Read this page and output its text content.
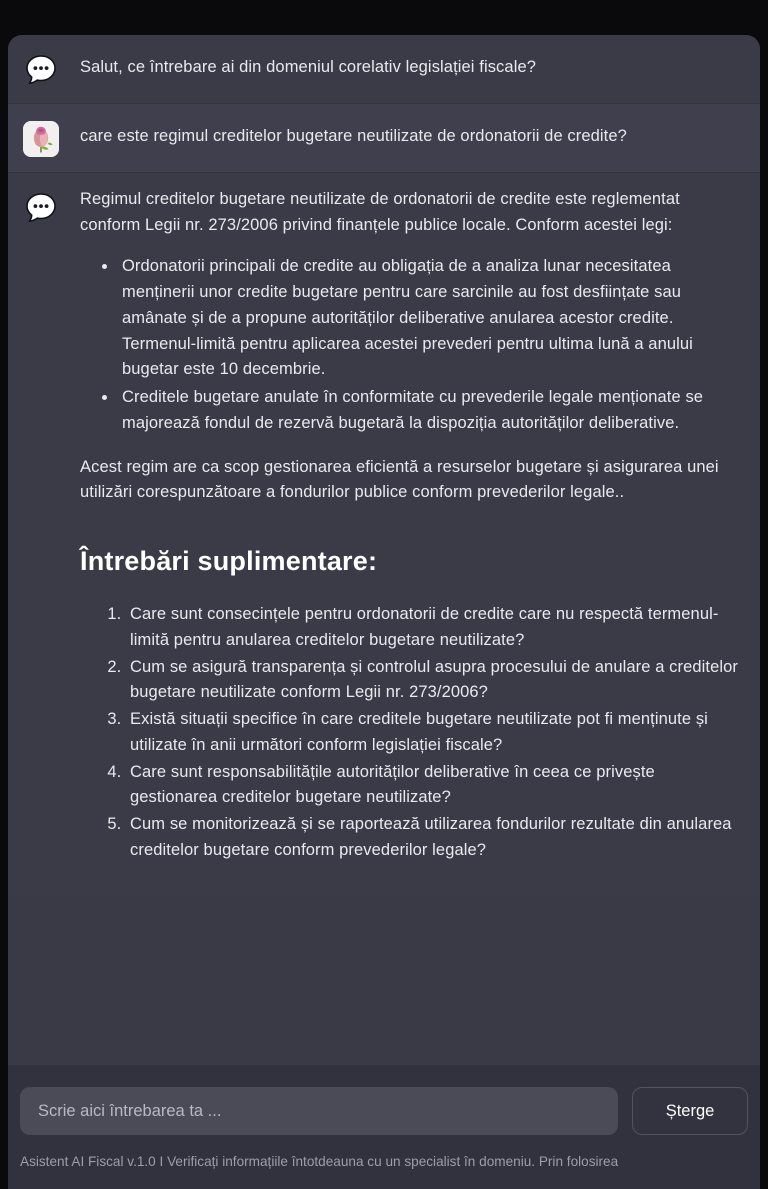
Salut, ce întrebare ai din domeniul corelativ legislației fiscale?

care este regimul creditelor bugetare neutilizate de ordonatorii de credite?

Regimul creditelor bugetare neutilizate de ordonatorii de credite este reglementat conform Legii nr. 273/2006 privind finanțele publice locale. Conform acestei legi:

• Ordonatorii principali de credite au obligația de a analiza lunar necesitatea menținerii unor credite bugetare pentru care sarcinile au fost desființate sau amânate și de a propune autorităților deliberative anularea acestor credite. Termenul-limită pentru aplicarea acestei prevederi pentru ultima lună a anului bugetar este 10 decembrie.
• Creditele bugetare anulate în conformitate cu prevederile legale menționate se majorează fondul de rezervă bugetară la dispoziția autorităților deliberative.

Acest regim are ca scop gestionarea eficientă a resurselor bugetare și asigurarea unei utilizări corespunzătoare a fondurilor publice conform prevederilor legale..

Întrebări suplimentare:
1. Care sunt consecințele pentru ordonatorii de credite care nu respectă termenul-limită pentru anularea creditelor bugetare neutilizate?
2. Cum se asigură transparența și controlul asupra procesului de anulare a creditelor bugetare neutilizate conform Legii nr. 273/2006?
3. Există situații specifice în care creditele bugetare neutilizate pot fi menținute și utilizate în anii următori conform legislației fiscale?
4. Care sunt responsabilitățile autorităților deliberative în ceea ce privește gestionarea creditelor bugetare neutilizate?
5. Cum se monitorizează și se raportează utilizarea fondurilor rezultate din anularea creditelor bugetare conform prevederilor legale?
Scrie aici întrebarea ta ...
Șterge
Asistent AI Fiscal v.1.0 I Verificați informațiile întotdeauna cu un specialist în domeniu. Prin folosirea
